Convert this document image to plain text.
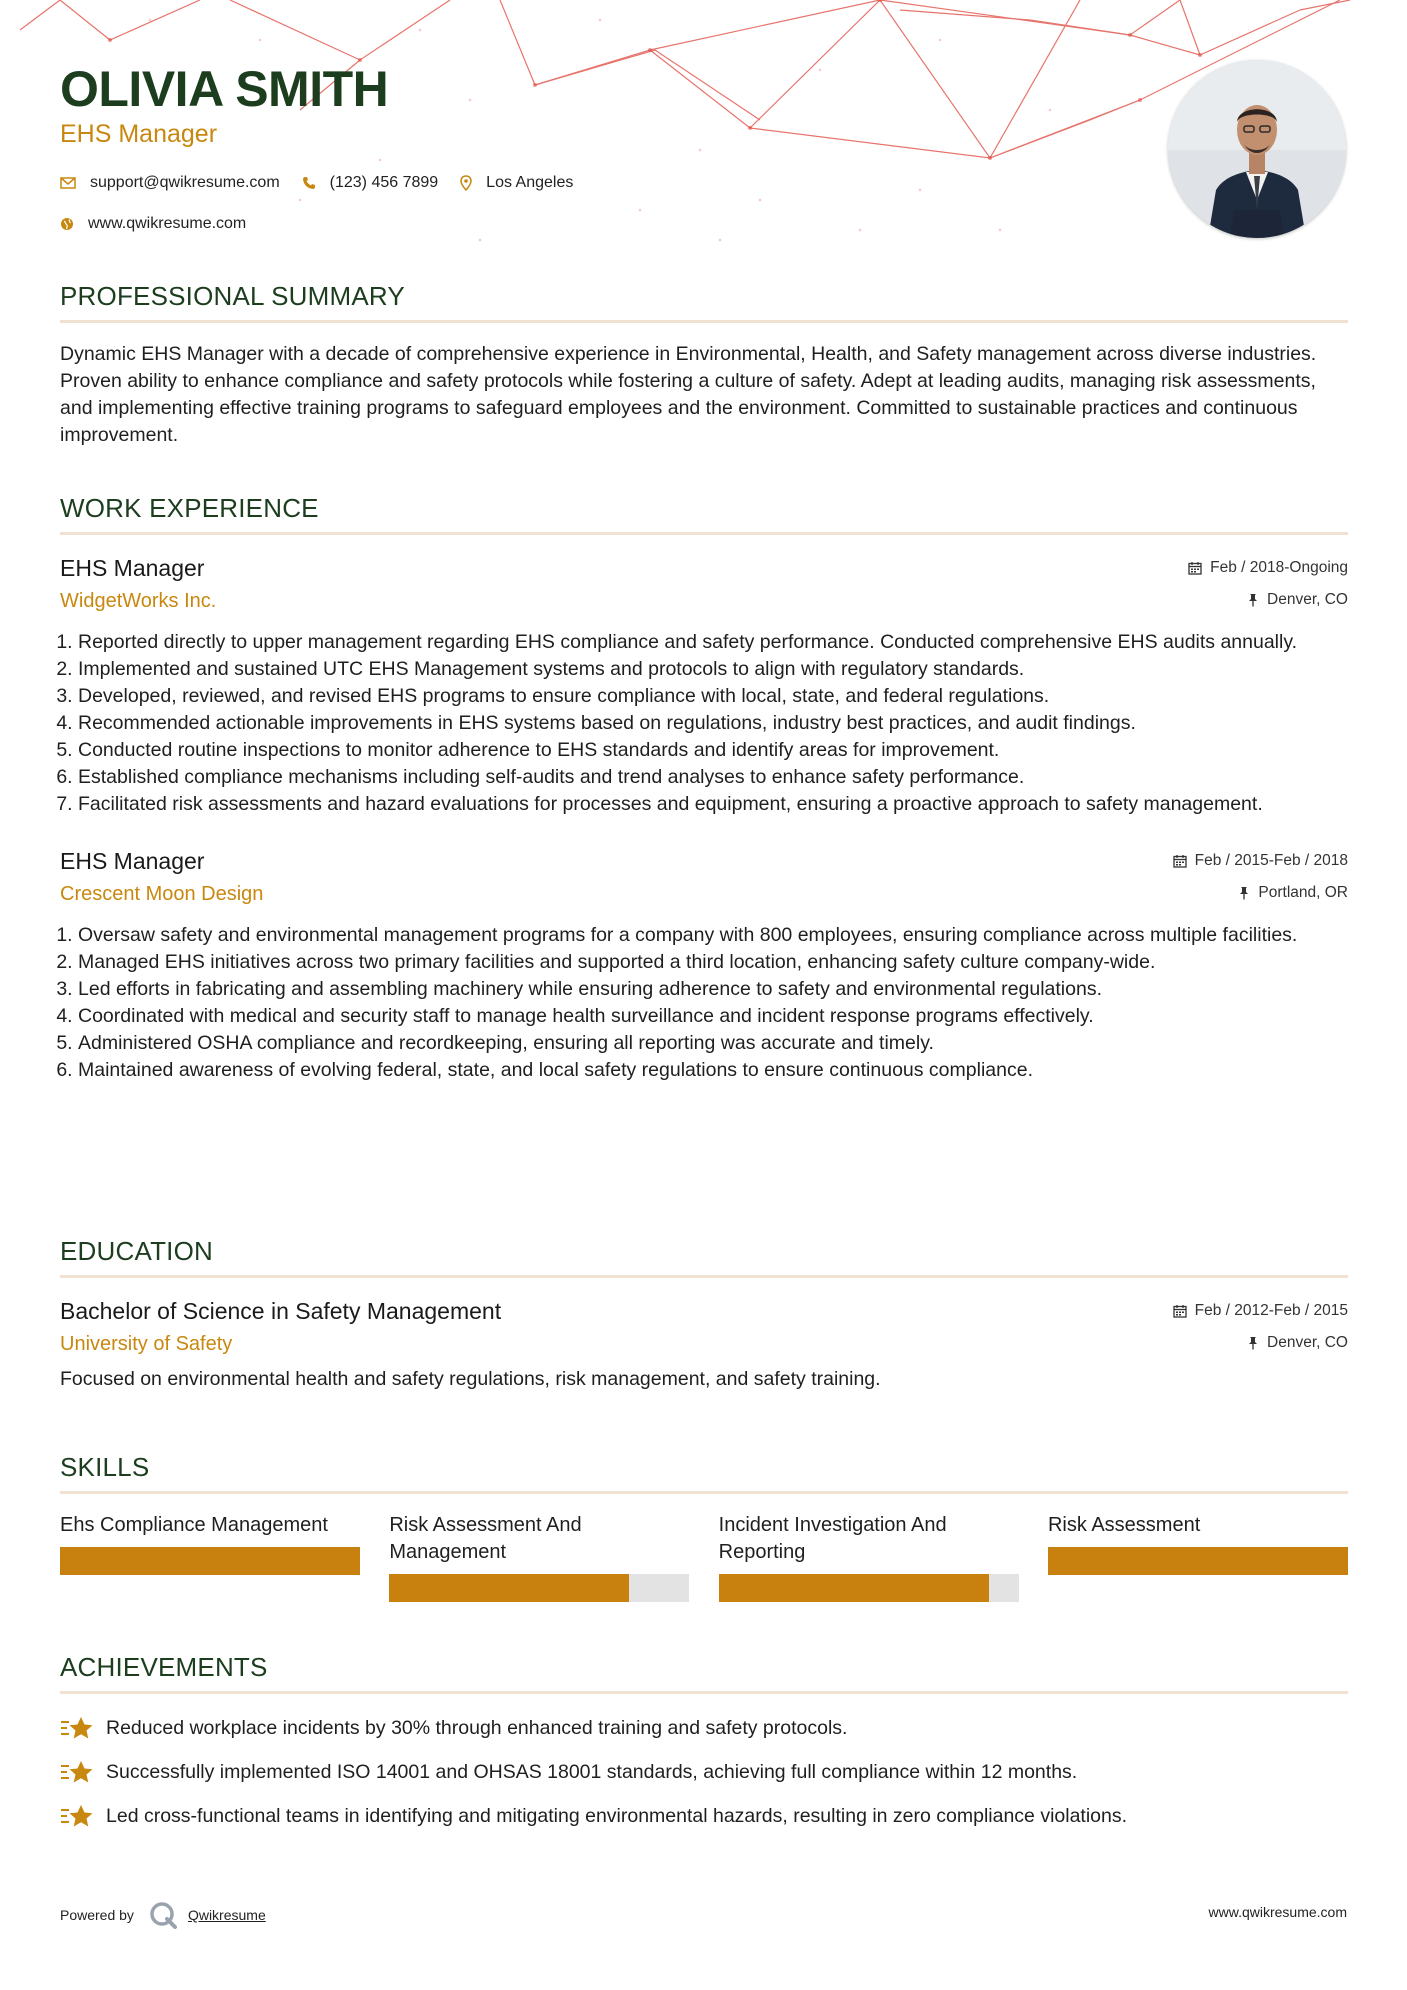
OLIVIA SMITH
EHS Manager
support@qwikresume.com	(123) 456 7899	Los Angeles
www.qwikresume.com
PROFESSIONAL SUMMARY
Dynamic EHS Manager with a decade of comprehensive experience in Environmental, Health, and Safety management across diverse industries. Proven ability to enhance compliance and safety protocols while fostering a culture of safety. Adept at leading audits, managing risk assessments, and implementing effective training programs to safeguard employees and the environment. Committed to sustainable practices and continuous improvement.
WORK EXPERIENCE
EHS Manager
WidgetWorks Inc.
Feb / 2018-Ongoing
Denver, CO
1. Reported directly to upper management regarding EHS compliance and safety performance. Conducted comprehensive EHS audits annually.
2. Implemented and sustained UTC EHS Management systems and protocols to align with regulatory standards.
3. Developed, reviewed, and revised EHS programs to ensure compliance with local, state, and federal regulations.
4. Recommended actionable improvements in EHS systems based on regulations, industry best practices, and audit findings.
5. Conducted routine inspections to monitor adherence to EHS standards and identify areas for improvement.
6. Established compliance mechanisms including self-audits and trend analyses to enhance safety performance.
7. Facilitated risk assessments and hazard evaluations for processes and equipment, ensuring a proactive approach to safety management.
EHS Manager
Crescent Moon Design
Feb / 2015-Feb / 2018
Portland, OR
1. Oversaw safety and environmental management programs for a company with 800 employees, ensuring compliance across multiple facilities.
2. Managed EHS initiatives across two primary facilities and supported a third location, enhancing safety culture company-wide.
3. Led efforts in fabricating and assembling machinery while ensuring adherence to safety and environmental regulations.
4. Coordinated with medical and security staff to manage health surveillance and incident response programs effectively.
5. Administered OSHA compliance and recordkeeping, ensuring all reporting was accurate and timely.
6. Maintained awareness of evolving federal, state, and local safety regulations to ensure continuous compliance.
EDUCATION
Bachelor of Science in Safety Management
University of Safety
Feb / 2012-Feb / 2015
Denver, CO
Focused on environmental health and safety regulations, risk management, and safety training.
SKILLS
Ehs Compliance Management	Risk Assessment And Management
Incident Investigation And Reporting
Risk Assessment
ACHIEVEMENTS
Reduced workplace incidents by 30% through enhanced training and safety protocols.
Successfully implemented ISO 14001 and OHSAS 18001 standards, achieving full compliance within 12 months.
Led cross-functional teams in identifying and mitigating environmental hazards, resulting in zero compliance violations.
Powered by	Qwikresume	www.qwikresume.com
